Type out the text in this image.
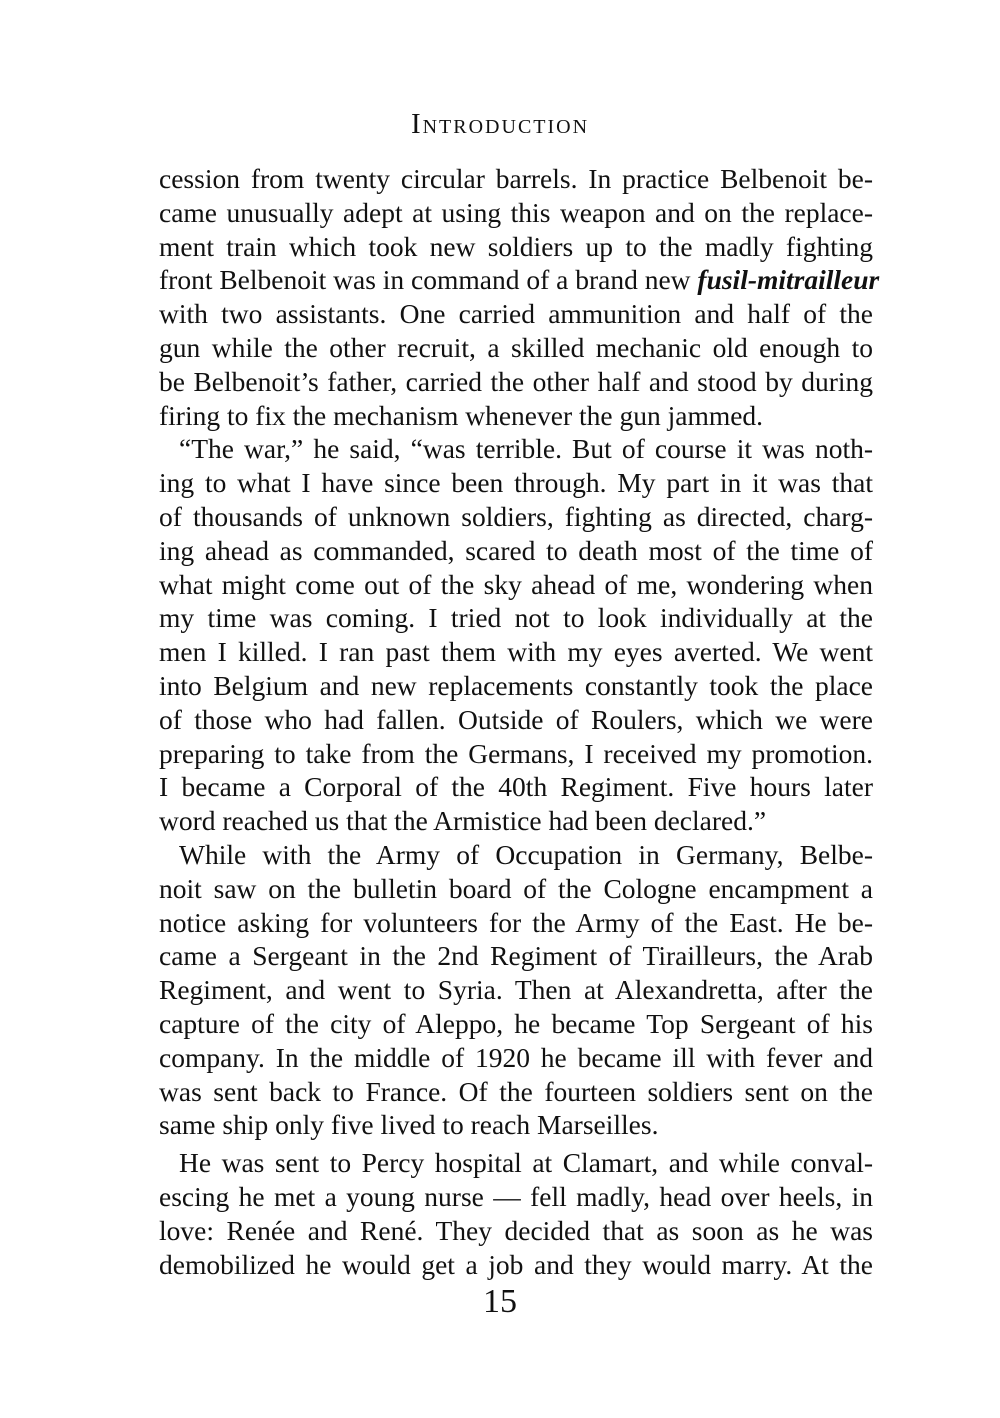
Introduction
cession from twenty circular barrels. In practice Belbenoit be-
came unusually adept at using this weapon and on the replace-
ment train which took new soldiers up to the madly fighting
front Belbenoit was in command of a brand new fusil-mitrailleur
with two assistants. One carried ammunition and half of the
gun while the other recruit, a skilled mechanic old enough to
be Belbenoit’s father, carried the other half and stood by during
firing to fix the mechanism whenever the gun jammed.
“The war,” he said, “was terrible. But of course it was noth-
ing to what I have since been through. My part in it was that
of thousands of unknown soldiers, fighting as directed, charg-
ing ahead as commanded, scared to death most of the time of
what might come out of the sky ahead of me, wondering when
my time was coming. I tried not to look individually at the
men I killed. I ran past them with my eyes averted. We went
into Belgium and new replacements constantly took the place
of those who had fallen. Outside of Roulers, which we were
preparing to take from the Germans, I received my promotion.
I became a Corporal of the 40th Regiment. Five hours later
word reached us that the Armistice had been declared.”
While with the Army of Occupation in Germany, Belbe-
noit saw on the bulletin board of the Cologne encampment a
notice asking for volunteers for the Army of the East. He be-
came a Sergeant in the 2nd Regiment of Tirailleurs, the Arab
Regiment, and went to Syria. Then at Alexandretta, after the
capture of the city of Aleppo, he became Top Sergeant of his
company. In the middle of 1920 he became ill with fever and
was sent back to France. Of the fourteen soldiers sent on the
same ship only five lived to reach Marseilles.
He was sent to Percy hospital at Clamart, and while conval-
escing he met a young nurse — fell madly, head over heels, in
love: Renée and René. They decided that as soon as he was
demobilized he would get a job and they would marry. At the
15
